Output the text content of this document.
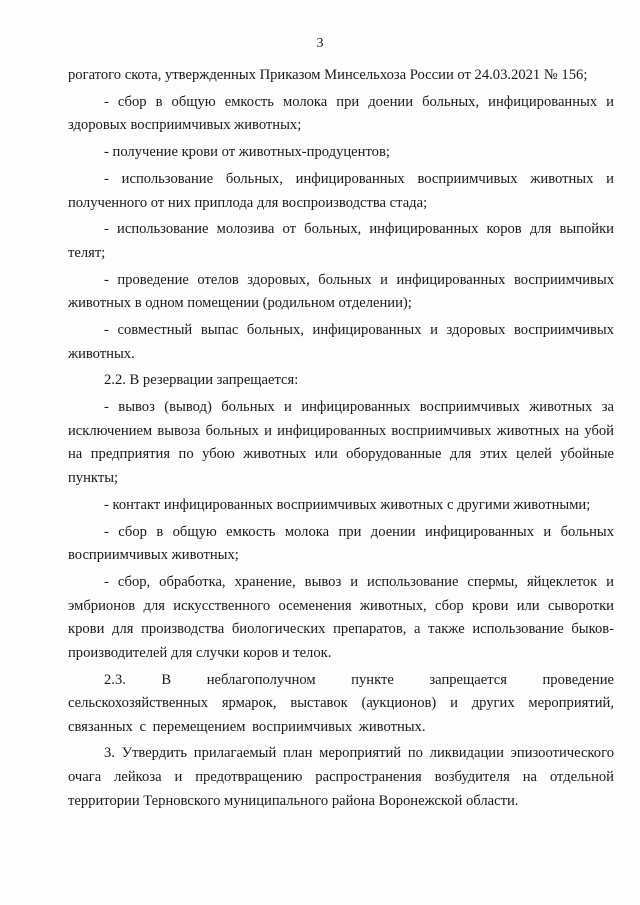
3

рогатого скота, утвержденных Приказом Минсельхоза России от 24.03.2021 № 156;

- сбор в общую емкость молока при доении больных, инфицированных и здоровых восприимчивых животных;

- получение крови от животных-продуцентов;

- использование больных, инфицированных восприимчивых животных и полученного от них приплода для воспроизводства стада;

- использование молозива от больных, инфицированных коров для выпойки телят;

- проведение отелов здоровых, больных и инфицированных восприимчивых животных в одном помещении (родильном отделении);

- совместный выпас больных, инфицированных и здоровых восприимчивых животных.

2.2. В резервации запрещается:

- вывоз (вывод) больных и инфицированных восприимчивых животных за исключением вывоза больных и инфицированных восприимчивых животных на убой на предприятия по убою животных или оборудованные для этих целей убойные пункты;

- контакт инфицированных восприимчивых животных с другими животными;

- сбор в общую емкость молока при доении инфицированных и больных восприимчивых животных;

- сбор, обработка, хранение, вывоз и использование спермы, яйцеклеток и эмбрионов для искусственного осеменения животных, сбор крови или сыворотки крови для производства биологических препаратов, а также использование быков-производителей для случки коров и телок.

2.3. В неблагополучном пункте запрещается проведение сельскохозяйственных ярмарок, выставок (аукционов) и других мероприятий, связанных с перемещением восприимчивых животных.

3. Утвердить прилагаемый план мероприятий по ликвидации эпизоотического очага лейкоза и предотвращению распространения возбудителя на отдельной территории Терновского муниципального района Воронежской области.
